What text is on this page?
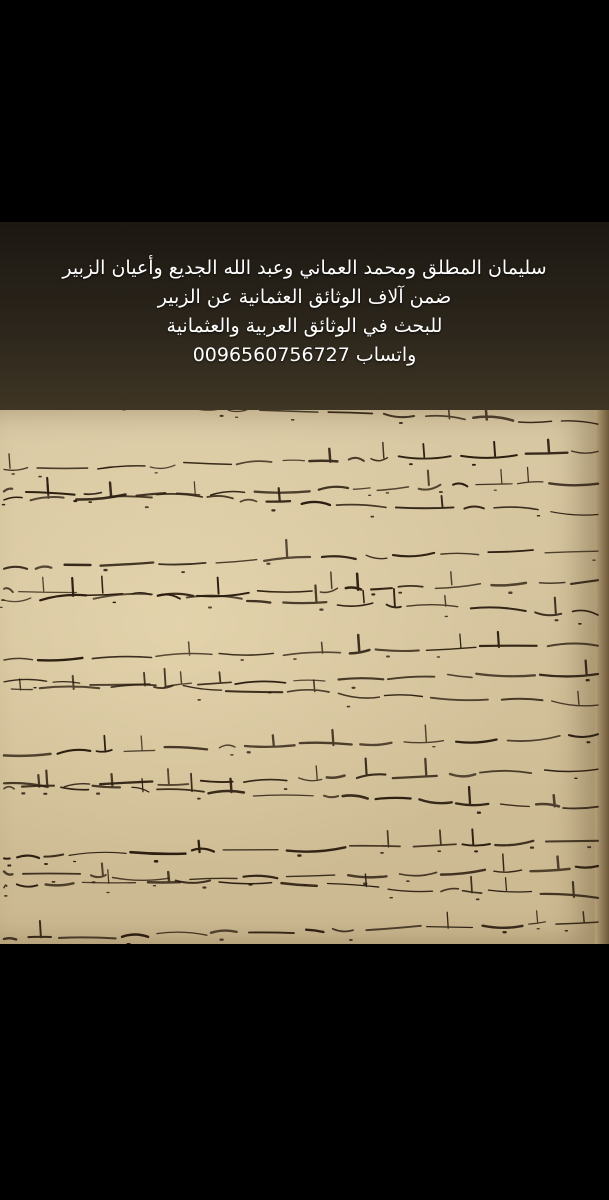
سليمان المطلق ومحمد العماني وعبد الله الجديع وأعيان الزبير
ضمن آلاف الوثائق العثمانية عن الزبير
للبحث في الوثائق العربية والعثمانية
واتساب 0096560756727
